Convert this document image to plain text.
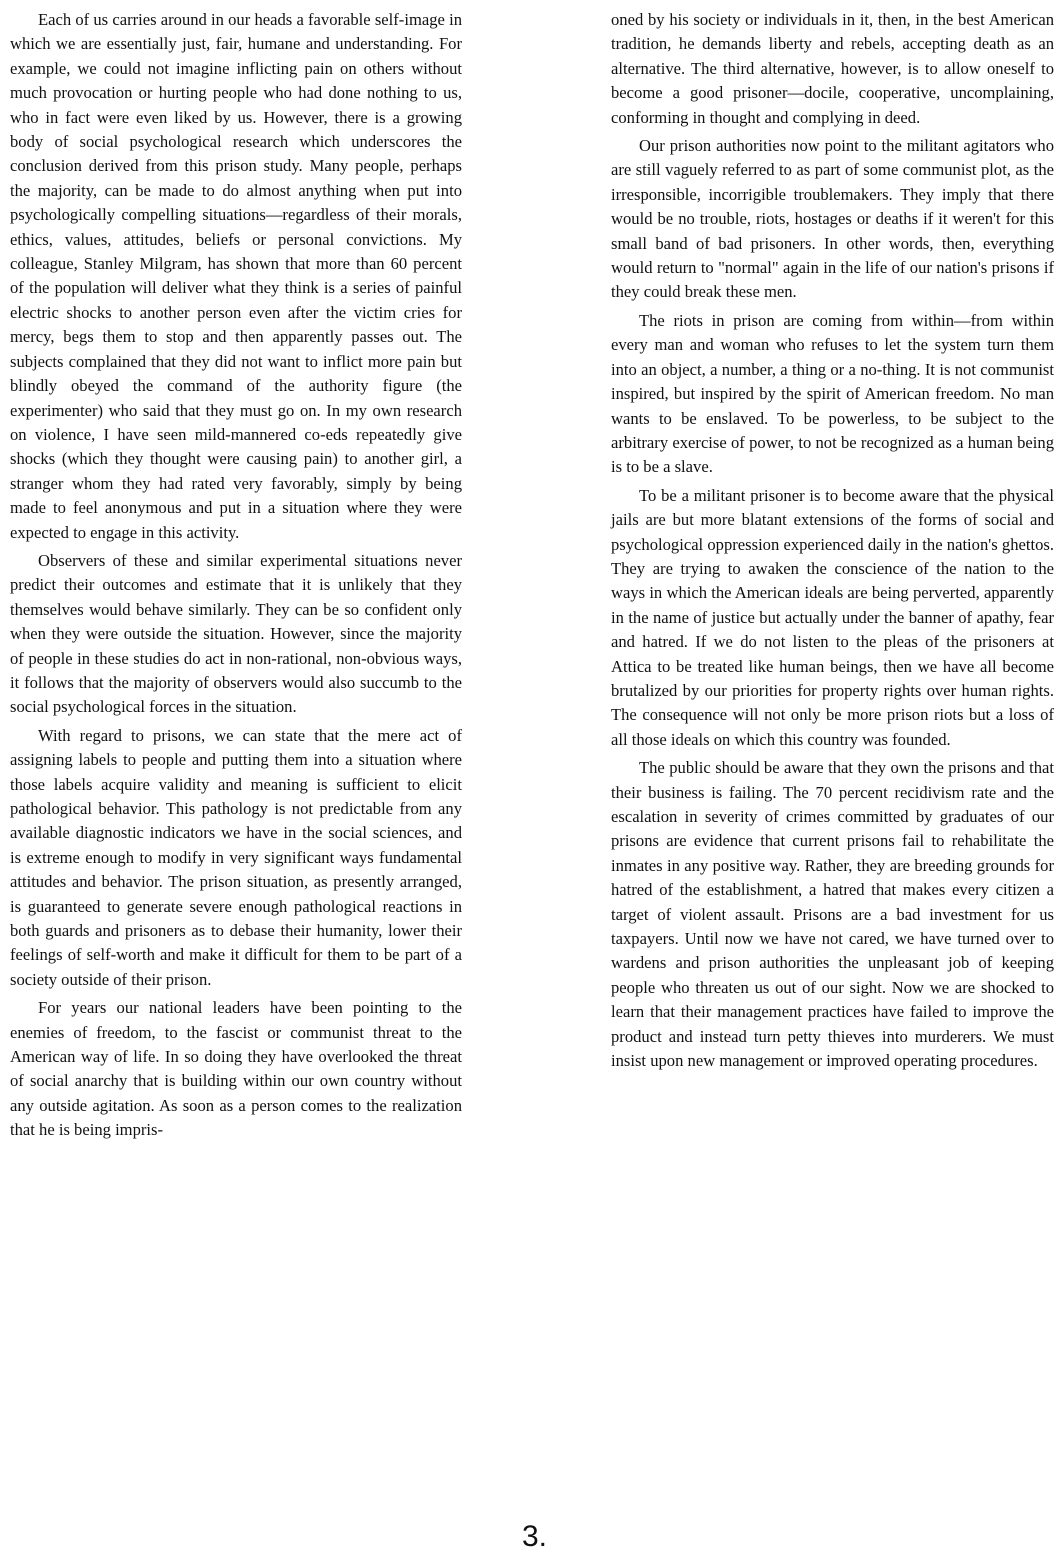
Each of us carries around in our heads a favorable self-image in which we are essentially just, fair, humane and understanding. For example, we could not imagine inflicting pain on others without much provocation or hurting people who had done nothing to us, who in fact were even liked by us. However, there is a growing body of social psychological research which underscores the conclusion derived from this prison study. Many people, perhaps the majority, can be made to do almost anything when put into psychologically compelling situations—regardless of their morals, ethics, values, attitudes, beliefs or personal convictions. My colleague, Stanley Milgram, has shown that more than 60 percent of the population will deliver what they think is a series of painful electric shocks to another person even after the victim cries for mercy, begs them to stop and then apparently passes out. The subjects complained that they did not want to inflict more pain but blindly obeyed the command of the authority figure (the experimenter) who said that they must go on. In my own research on violence, I have seen mild-mannered co-eds repeatedly give shocks (which they thought were causing pain) to another girl, a stranger whom they had rated very favorably, simply by being made to feel anonymous and put in a situation where they were expected to engage in this activity.

Observers of these and similar experimental situations never predict their outcomes and estimate that it is unlikely that they themselves would behave similarly. They can be so confident only when they were outside the situation. However, since the majority of people in these studies do act in non-rational, non-obvious ways, it follows that the majority of observers would also succumb to the social psychological forces in the situation.

With regard to prisons, we can state that the mere act of assigning labels to people and putting them into a situation where those labels acquire validity and meaning is sufficient to elicit pathological behavior. This pathology is not predictable from any available diagnostic indicators we have in the social sciences, and is extreme enough to modify in very significant ways fundamental attitudes and behavior. The prison situation, as presently arranged, is guaranteed to generate severe enough pathological reactions in both guards and prisoners as to debase their humanity, lower their feelings of self-worth and make it difficult for them to be part of a society outside of their prison.

For years our national leaders have been pointing to the enemies of freedom, to the fascist or communist threat to the American way of life. In so doing they have overlooked the threat of social anarchy that is building within our own country without any outside agitation. As soon as a person comes to the realization that he is being impris-

oned by his society or individuals in it, then, in the best American tradition, he demands liberty and rebels, accepting death as an alternative. The third alternative, however, is to allow oneself to become a good prisoner—docile, cooperative, uncomplaining, conforming in thought and complying in deed.

Our prison authorities now point to the militant agitators who are still vaguely referred to as part of some communist plot, as the irresponsible, incorrigible troublemakers. They imply that there would be no trouble, riots, hostages or deaths if it weren't for this small band of bad prisoners. In other words, then, everything would return to "normal" again in the life of our nation's prisons if they could break these men.

The riots in prison are coming from within—from within every man and woman who refuses to let the system turn them into an object, a number, a thing or a no-thing. It is not communist inspired, but inspired by the spirit of American freedom. No man wants to be enslaved. To be powerless, to be subject to the arbitrary exercise of power, to not be recognized as a human being is to be a slave.

To be a militant prisoner is to become aware that the physical jails are but more blatant extensions of the forms of social and psychological oppression experienced daily in the nation's ghettos. They are trying to awaken the conscience of the nation to the ways in which the American ideals are being perverted, apparently in the name of justice but actually under the banner of apathy, fear and hatred. If we do not listen to the pleas of the prisoners at Attica to be treated like human beings, then we have all become brutalized by our priorities for property rights over human rights. The consequence will not only be more prison riots but a loss of all those ideals on which this country was founded.

The public should be aware that they own the prisons and that their business is failing. The 70 percent recidivism rate and the escalation in severity of crimes committed by graduates of our prisons are evidence that current prisons fail to rehabilitate the inmates in any positive way. Rather, they are breeding grounds for hatred of the establishment, a hatred that makes every citizen a target of violent assault. Prisons are a bad investment for us taxpayers. Until now we have not cared, we have turned over to wardens and prison authorities the unpleasant job of keeping people who threaten us out of our sight. Now we are shocked to learn that their management practices have failed to improve the product and instead turn petty thieves into murderers. We must insist upon new management or improved operating procedures.

3.
